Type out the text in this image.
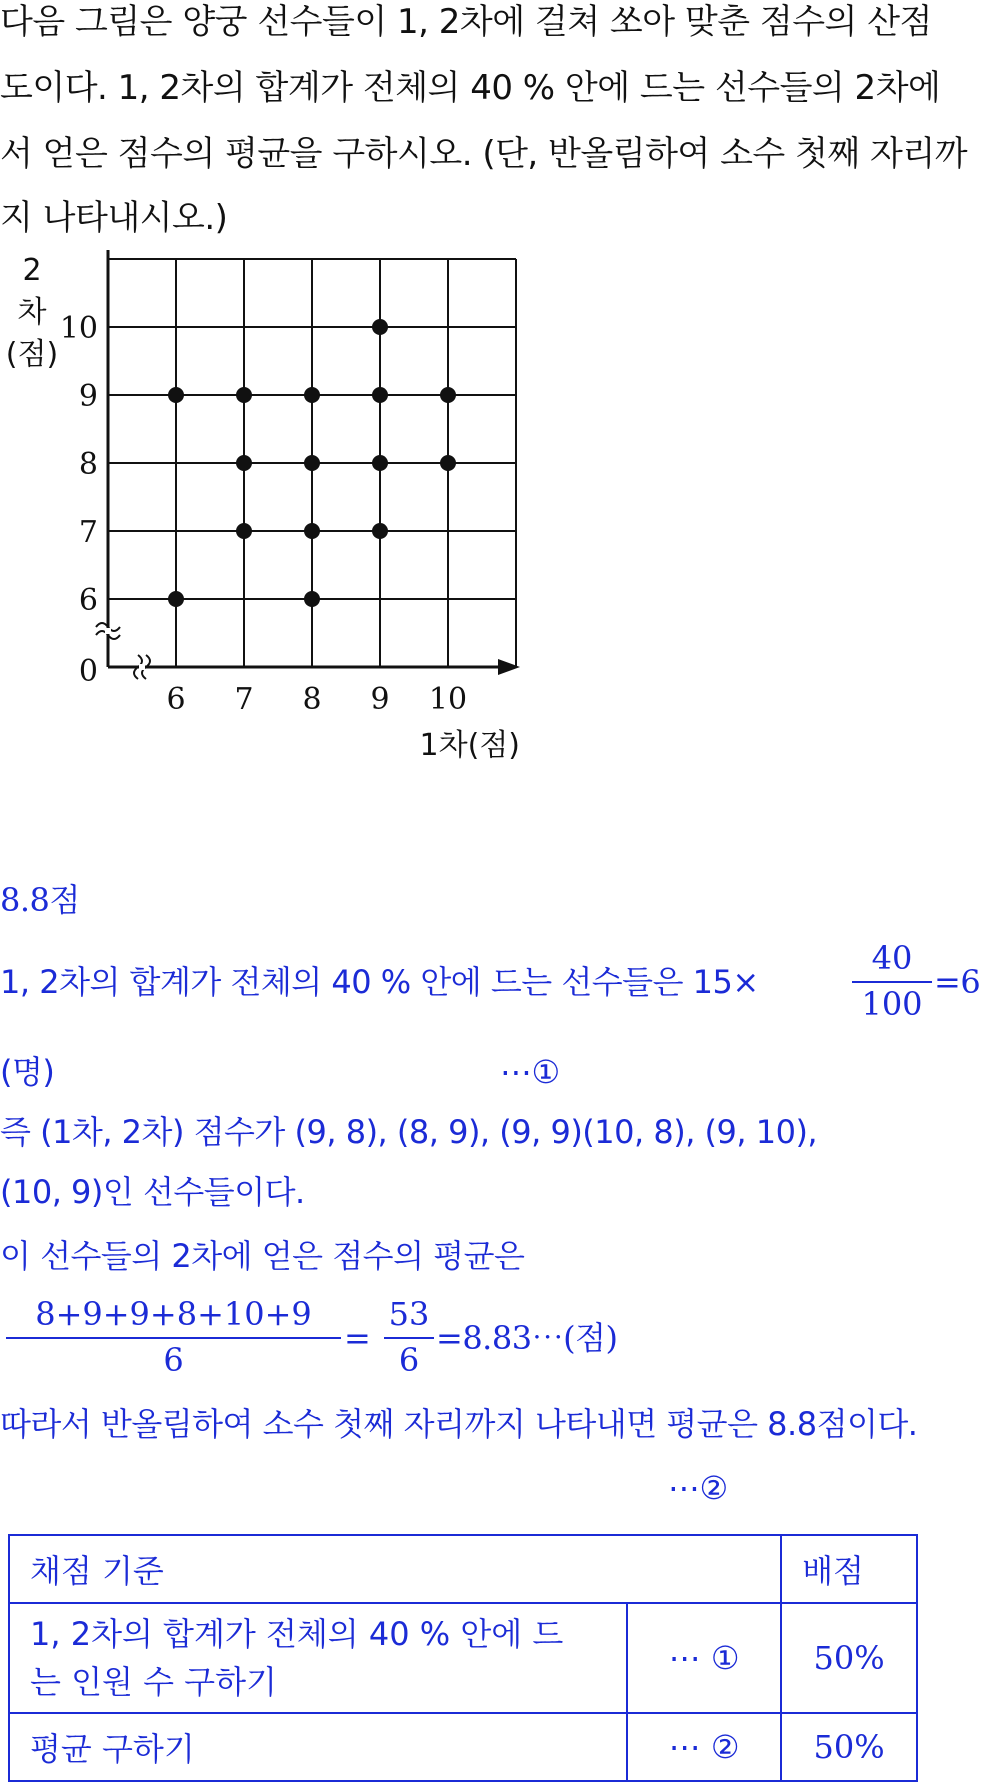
다음 그림은 양궁 선수들이 1, 2차에 걸쳐 쏘아 맞춘 점수의 산점
도이다. 1, 2차의 합계가 전체의 40 % 안에 드는 선수들의 2차에
서 얻은 점수의 평균을 구하시오. (단, 반올림하여 소수 첫째 자리까
지 나타내시오.)
6 7 8 9 10
6
7
8
9
10
0
1차(점)
2
차
(점)
8.8점
1, 2차의 합계가 전체의 40 % 안에 드는 선수들은 15×
40
100
=6
(명)	⋯①
즉 (1차, 2차) 점수가 (9, 8), (8, 9), (9, 9)(10, 8), (9, 10),
(10, 9)인 선수들이다.
이 선수들의 2차에 얻은 점수의 평균은
8+9+9+8+10+9
6
=
53
6
=8.83⋯(점)
따라서 반올림하여 소수 첫째 자리까지 나타내면 평균은 8.8점이다.
⋯②
채점 기준		배점

1, 2차의 합계가 전체의 40 % 안에 드
는 인원 수 구하기	⋯ ①	50%
평균 구하기	⋯ ②	50%
